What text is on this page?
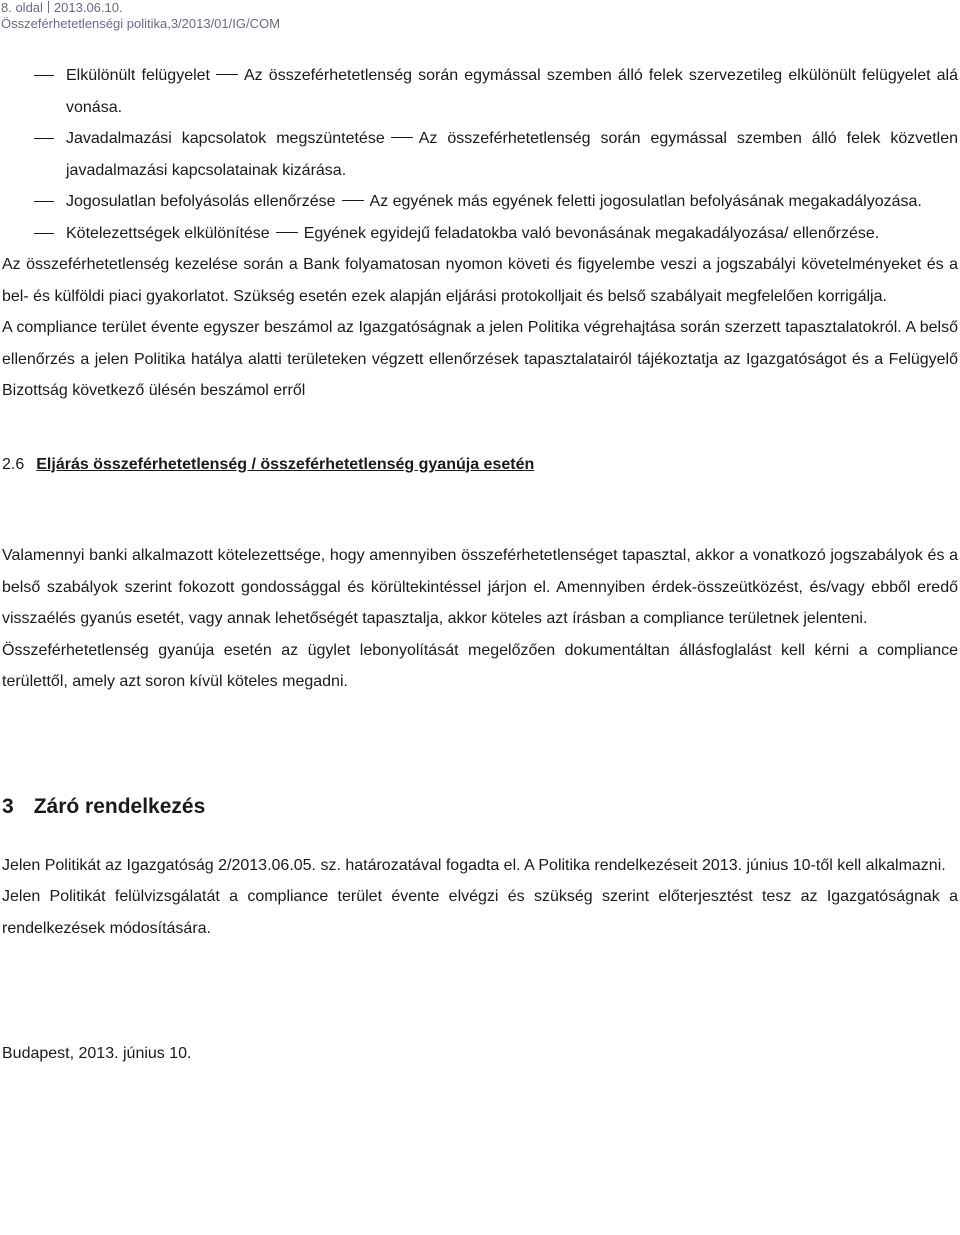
8. oldal 2013.06.10.
Összeférhetetlenségi politika,3/2013/01/IG/COM
Elkülönült felügyelet Az összeférhetetlenség során egymással szemben álló felek szervezetileg elkülönült felügyelet alá vonása.
Javadalmazási kapcsolatok megszüntetése Az összeférhetetlenség során egymással szemben álló felek közvetlen javadalmazási kapcsolatainak kizárása.
Jogosulatlan befolyásolás ellenőrzése Az egyének más egyének feletti jogosulatlan befolyásának megakadályozása.
Kötelezettségek elkülönítése Egyének egyidejű feladatokba való bevonásának megakadályozása/ ellenőrzése.

Az összeférhetetlenség kezelése során a Bank folyamatosan nyomon követi és figyelembe veszi a jogszabályi követelményeket és a bel- és külföldi piaci gyakorlatot. Szükség esetén ezek alapján eljárási protokolljait és belső szabályait megfelelően korrigálja.

A compliance terület évente egyszer beszámol az Igazgatóságnak a jelen Politika végrehajtása során szerzett tapasztalatokról. A belső ellenőrzés a jelen Politika hatálya alatti területeken végzett ellenőrzések tapasztalatairól tájékoztatja az Igazgatóságot és a Felügyelő Bizottság következő ülésén beszámol erről

2.6 Eljárás összeférhetetlenség / összeférhetetlenség gyanúja esetén

Valamennyi banki alkalmazott kötelezettsége, hogy amennyiben összeférhetetlenséget tapasztal, akkor a vonatkozó jogszabályok és a belső szabályok szerint fokozott gondossággal és körültekintéssel járjon el. Amennyiben érdek-összeütközést, és/vagy ebből eredő visszaélés gyanús esetét, vagy annak lehetőségét tapasztalja, akkor köteles azt írásban a compliance területnek jelenteni.

Összeférhetetlenség gyanúja esetén az ügylet lebonyolítását megelőzően dokumentáltan állásfoglalást kell kérni a compliance területtől, amely azt soron kívül köteles megadni.

3 Záró rendelkezés

Jelen Politikát az Igazgatóság 2/2013.06.05. sz. határozatával fogadta el. A Politika rendelkezéseit 2013. június 10-től kell alkalmazni.

Jelen Politikát felülvizsgálatát a compliance terület évente elvégzi és szükség szerint előterjesztést tesz az Igazgatóságnak a rendelkezések módosítására.

Budapest, 2013. június 10.
